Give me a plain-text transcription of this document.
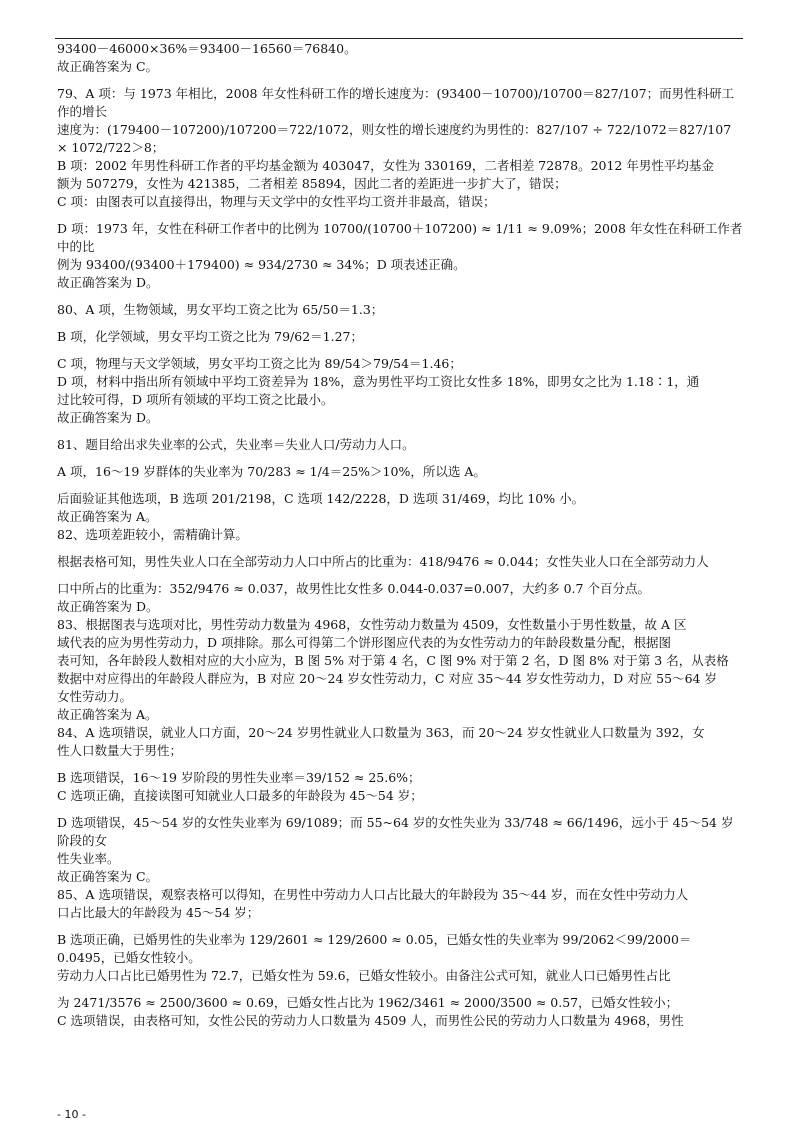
93400－46000×36%＝93400－16560＝76840。

故正确答案为 C。

79、A 项：与 1973 年相比，2008 年女性科研工作的增长速度为：(93400－10700)/10700＝827/107；而男性科研工作的增长

速度为：(179400－107200)/107200＝722/1072，则女性的增长速度约为男性的：827/107 ÷ 722/1072＝827/107 × 1072/722＞8；

B 项：2002 年男性科研工作者的平均基金额为 403047，女性为 330169，二者相差 72878。2012 年男性平均基金

额为 507279，女性为 421385，二者相差 85894，因此二者的差距进一步扩大了，错误；

C 项：由图表可以直接得出，物理与天文学中的女性平均工资并非最高，错误；

D 项：1973 年，女性在科研工作者中的比例为 10700/(10700＋107200) ≈ 1/11 ≈ 9.09%；2008 年女性在科研工作者中的比

例为 93400/(93400＋179400) ≈ 934/2730 ≈ 34%；D 项表述正确。

故正确答案为 D。

80、A 项，生物领域，男女平均工资之比为 65/50＝1.3；

B 项，化学领域，男女平均工资之比为 79/62＝1.27；

C 项，物理与天文学领域，男女平均工资之比为 89/54＞79/54＝1.46；

D 项，材料中指出所有领域中平均工资差异为 18%，意为男性平均工资比女性多 18%，即男女之比为 1.18∶1，通

过比较可得，D 项所有领域的平均工资之比最小。

故正确答案为 D。

81、题目给出求失业率的公式，失业率＝失业人口/劳动力人口。

A 项，16～19 岁群体的失业率为 70/283 ≈ 1/4＝25%＞10%，所以选 A。

后面验证其他选项，B 选项 201/2198，C 选项 142/2228，D 选项 31/469，均比 10% 小。

故正确答案为 A。

82、选项差距较小，需精确计算。

根据表格可知，男性失业人口在全部劳动力人口中所占的比重为：418/9476 ≈ 0.044；女性失业人口在全部劳动力人

口中所占的比重为：352/9476 ≈ 0.037，故男性比女性多 0.044-0.037=0.007，大约多 0.7 个百分点。

故正确答案为 D。

83、根据图表与选项对比，男性劳动力数量为 4968，女性劳动力数量为 4509，女性数量小于男性数量，故 A 区

域代表的应为男性劳动力，D 项排除。那么可得第二个饼形图应代表的为女性劳动力的年龄段数量分配，根据图

表可知，各年龄段人数相对应的大小应为，B 图 5% 对于第 4 名，C 图 9% 对于第 2 名，D 图 8% 对于第 3 名，从表格

数据中对应得出的年龄段人群应为，B 对应 20～24 岁女性劳动力，C 对应 35～44 岁女性劳动力，D 对应 55～64 岁

女性劳动力。

故正确答案为 A。

84、A 选项错误，就业人口方面，20～24 岁男性就业人口数量为 363，而 20～24 岁女性就业人口数量为 392，女

性人口数量大于男性；

B 选项错误，16～19 岁阶段的男性失业率＝39/152 ≈ 25.6%；

C 选项正确，直接读图可知就业人口最多的年龄段为 45～54 岁；

D 选项错误，45～54 岁的女性失业率为 69/1089；而 55~64 岁的女性失业为 33/748 ≈ 66/1496，远小于 45～54 岁阶段的女

性失业率。

故正确答案为 C。

85、A 选项错误，观察表格可以得知，在男性中劳动力人口占比最大的年龄段为 35～44 岁，而在女性中劳动力人

口占比最大的年龄段为 45～54 岁；

B 选项正确，已婚男性的失业率为 129/2601 ≈ 129/2600 ≈ 0.05，已婚女性的失业率为 99/2062＜99/2000＝0.0495，已婚女性较小。

劳动力人口占比已婚男性为 72.7，已婚女性为 59.6，已婚女性较小。由备注公式可知，就业人口已婚男性占比

为 2471/3576 ≈ 2500/3600 ≈ 0.69，已婚女性占比为 1962/3461 ≈ 2000/3500 ≈ 0.57，已婚女性较小；

C 选项错误，由表格可知，女性公民的劳动力人口数量为 4509 人，而男性公民的劳动力人口数量为 4968，男性

- 10 -
